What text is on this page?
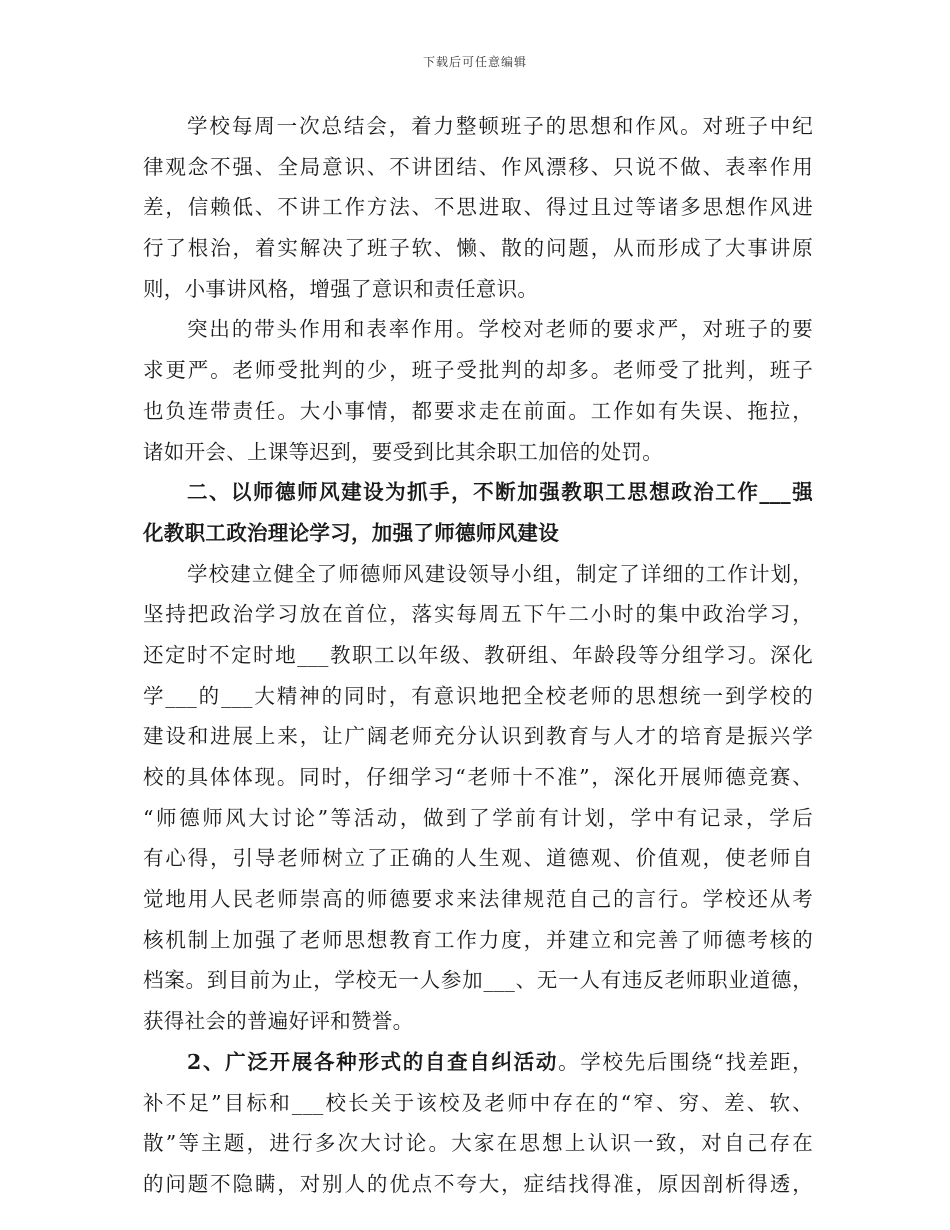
下载后可任意编辑
学校每周一次总结会，着力整顿班子的思想和作风。对班子中纪
律观念不强、全局意识、不讲团结、作风漂移、只说不做、表率作用
差，信赖低、不讲工作方法、不思进取、得过且过等诸多思想作风进
行了根治，着实解决了班子软、懒、散的问题，从而形成了大事讲原
则，小事讲风格，增强了意识和责任意识。
突出的带头作用和表率作用。学校对老师的要求严，对班子的要
求更严。老师受批判的少，班子受批判的却多。老师受了批判，班子
也负连带责任。大小事情，都要求走在前面。工作如有失误、拖拉，
诸如开会、上课等迟到，要受到比其余职工加倍的处罚。
二、以师德师风建设为抓手，不断加强教职工思想政治工作___强
化教职工政治理论学习，加强了师德师风建设
学校建立健全了师德师风建设领导小组，制定了详细的工作计划，
坚持把政治学习放在首位，落实每周五下午二小时的集中政治学习，
还定时不定时地___教职工以年级、教研组、年龄段等分组学习。深化
学___的___大精神的同时，有意识地把全校老师的思想统一到学校的
建设和进展上来，让广阔老师充分认识到教育与人才的培育是振兴学
校的具体体现。同时，仔细学习“老师十不准”，深化开展师德竞赛、
“师德师风大讨论”等活动，做到了学前有计划，学中有记录，学后
有心得，引导老师树立了正确的人生观、道德观、价值观，使老师自
觉地用人民老师崇高的师德要求来法律规范自己的言行。学校还从考
核机制上加强了老师思想教育工作力度，并建立和完善了师德考核的
档案。到目前为止，学校无一人参加___、无一人有违反老师职业道德，
获得社会的普遍好评和赞誉。
2、广泛开展各种形式的自查自纠活动。学校先后围绕“找差距，
补不足”目标和___校长关于该校及老师中存在的“窄、穷、差、软、
散”等主题，进行多次大讨论。大家在思想上认识一致，对自己存在
的问题不隐瞒，对别人的优点不夸大，症结找得准，原因剖析得透，
